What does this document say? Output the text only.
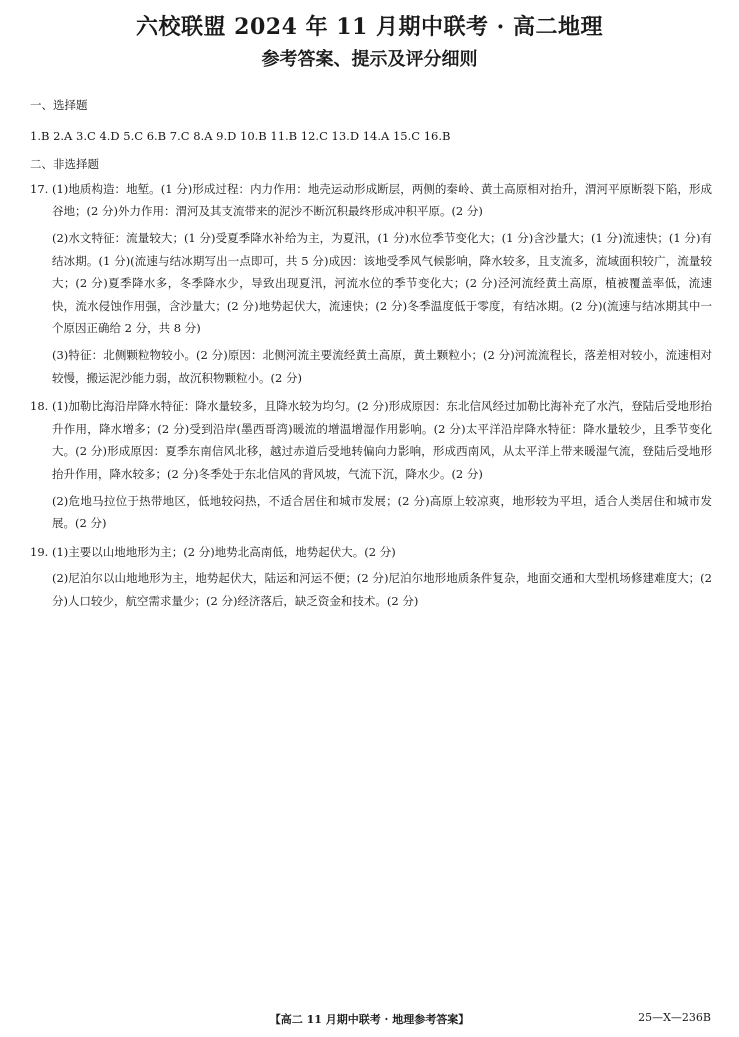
六校联盟 2024 年 11 月期中联考 · 高二地理
参考答案、提示及评分细则

一、选择题

1.B 2.A 3.C 4.D 5.C 6.B 7.C 8.A 9.D 10.B 11.B 12.C 13.D 14.A 15.C 16.B

二、非选择题

17. (1)地质构造：地堑。(1 分)形成过程：内力作用：地壳运动形成断层，两侧的秦岭、黄土高原相对抬升，渭河平原断裂下陷，形成谷地；(2 分)外力作用：渭河及其支流带来的泥沙不断沉积最终形成冲积平原。(2 分)

(2)水文特征：流量较大；(1 分)受夏季降水补给为主，为夏汛，(1 分)水位季节变化大；(1 分)含沙量大；(1 分)流速快；(1 分)有结冰期。(1 分)(流速与结冰期写出一点即可，共 5 分)成因：该地受季风气候影响，降水较多，且支流多，流域面积较广，流量较大；(2 分)夏季降水多，冬季降水少，导致出现夏汛，河流水位的季节变化大；(2 分)泾河流经黄土高原，植被覆盖率低，流速快，流水侵蚀作用强，含沙量大；(2 分)地势起伏大，流速快；(2 分)冬季温度低于零度，有结冰期。(2 分)(流速与结冰期其中一个原因正确给 2 分，共 8 分)

(3)特征：北侧颗粒物较小。(2 分)原因：北侧河流主要流经黄土高原，黄土颗粒小；(2 分)河流流程长，落差相对较小，流速相对较慢，搬运泥沙能力弱，故沉积物颗粒小。(2 分)

18. (1)加勒比海沿岸降水特征：降水量较多，且降水较为均匀。(2 分)形成原因：东北信风经过加勒比海补充了水汽，登陆后受地形抬升作用，降水增多；(2 分)受到沿岸(墨西哥湾)暖流的增温增湿作用影响。(2 分)太平洋沿岸降水特征：降水量较少，且季节变化大。(2 分)形成原因：夏季东南信风北移，越过赤道后受地转偏向力影响，形成西南风，从太平洋上带来暖湿气流，登陆后受地形抬升作用，降水较多；(2 分)冬季处于东北信风的背风坡，气流下沉，降水少。(2 分)

(2)危地马拉位于热带地区，低地较闷热，不适合居住和城市发展；(2 分)高原上较凉爽，地形较为平坦，适合人类居住和城市发展。(2 分)

19. (1)主要以山地地形为主；(2 分)地势北高南低，地势起伏大。(2 分)

(2)尼泊尔以山地地形为主，地势起伏大，陆运和河运不便；(2 分)尼泊尔地形地质条件复杂，地面交通和大型机场修建难度大；(2 分)人口较少，航空需求量少；(2 分)经济落后，缺乏资金和技术。(2 分)

【高二 11 月期中联考 · 地理参考答案】	25—X—236B
